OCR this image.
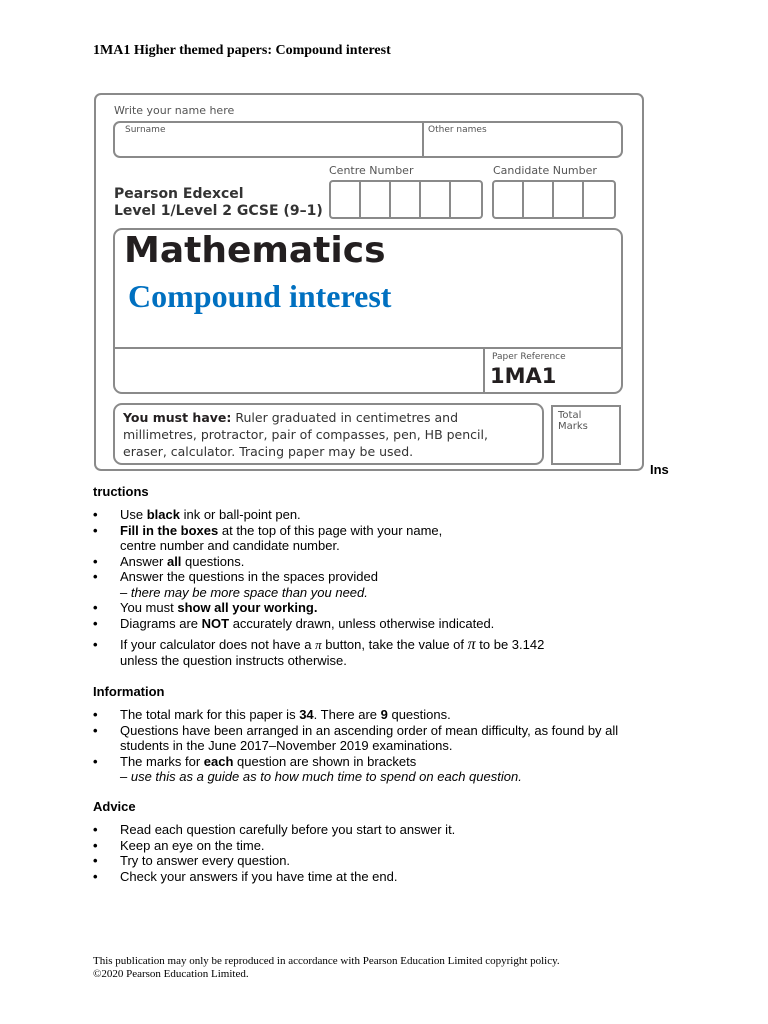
1MA1 Higher themed papers: Compound interest
Write your name here
Surname	Other names
Centre Number	Candidate Number
Pearson Edexcel
Level 1/Level 2 GCSE (9–1)
Mathematics
Compound interest
Paper Reference
1MA1
You must have: Ruler graduated in centimetres and millimetres, protractor, pair of compasses, pen, HB pencil, eraser, calculator. Tracing paper may be used.
Total Marks
Ins
tructions
• Use black ink or ball-point pen.
• Fill in the boxes at the top of this page with your name,
centre number and candidate number.
• Answer all questions.
• Answer the questions in the spaces provided
– there may be more space than you need.
• You must show all your working.
• Diagrams are NOT accurately drawn, unless otherwise indicated.
• If your calculator does not have a π button, take the value of π to be 3.142
unless the question instructs otherwise.
Information
• The total mark for this paper is 34. There are 9 questions.
• Questions have been arranged in an ascending order of mean difficulty, as found by all
students in the June 2017–November 2019 examinations.
• The marks for each question are shown in brackets
– use this as a guide as to how much time to spend on each question.
Advice
• Read each question carefully before you start to answer it.
• Keep an eye on the time.
• Try to answer every question.
• Check your answers if you have time at the end.
This publication may only be reproduced in accordance with Pearson Education Limited copyright policy.
©2020 Pearson Education Limited.
